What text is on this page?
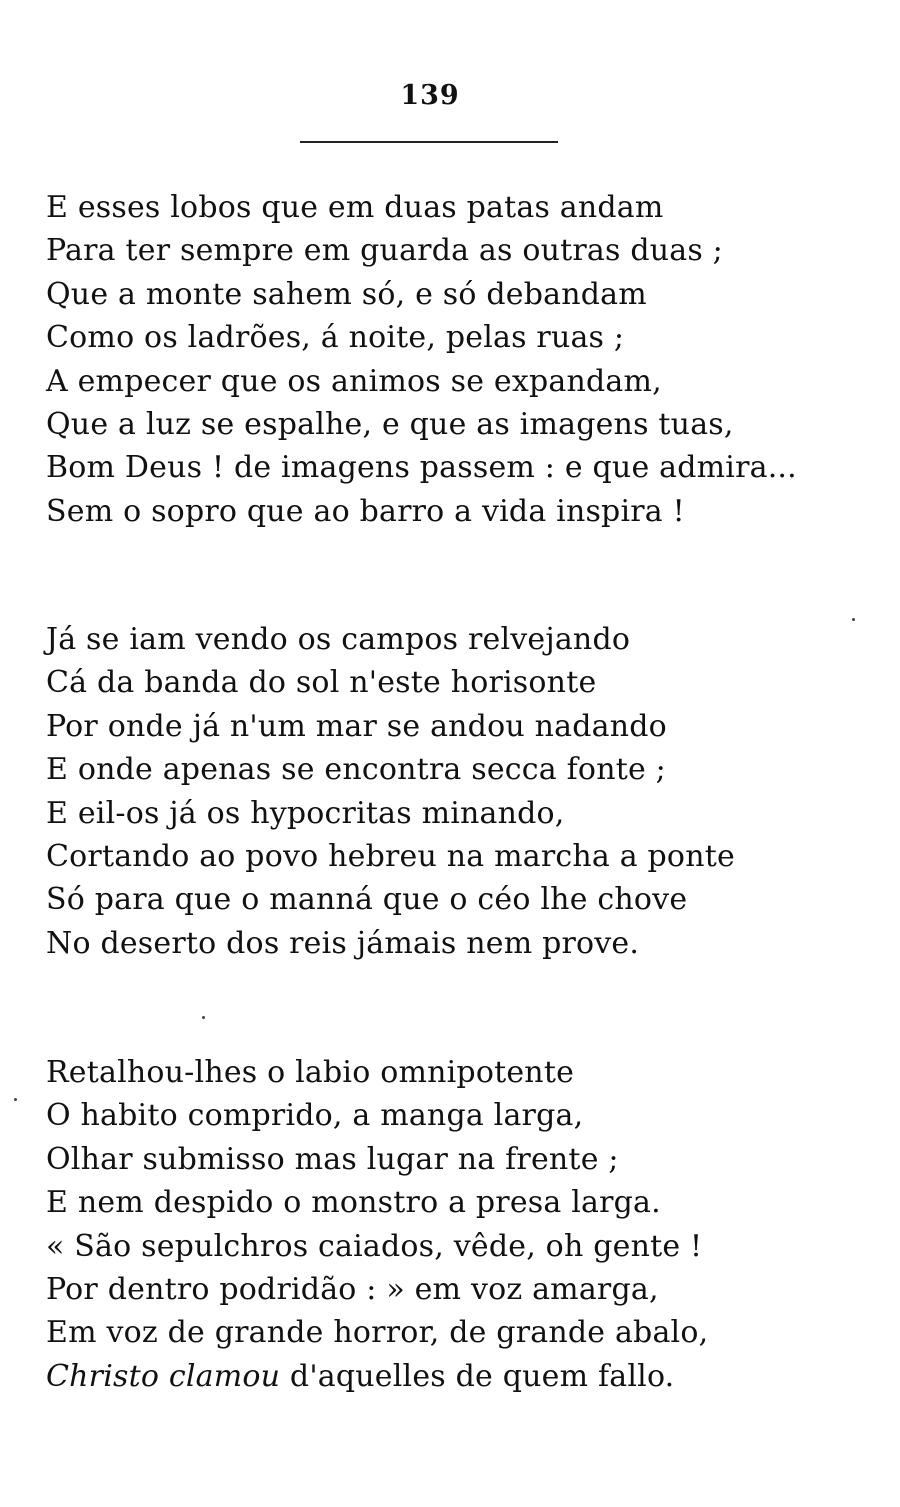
139
E esses lobos que em duas patas andam
Para ter sempre em guarda as outras duas ;
Que a monte sahem só, e só debandam
Como os ladrões, á noite, pelas ruas ;
A empecer que os animos se expandam,
Que a luz se espalhe, e que as imagens tuas,
Bom Deus ! de imagens passem : e que admira...
Sem o sopro que ao barro a vida inspira !
Já se iam vendo os campos relvejando
Cá da banda do sol n'este horisonte
Por onde já n'um mar se andou nadando
E onde apenas se encontra secca fonte ;
E eil-os já os hypocritas minando,
Cortando ao povo hebreu na marcha a ponte
Só para que o manná que o céo lhe chove
No deserto dos reis jámais nem prove.
Retalhou-lhes o labio omnipotente
O habito comprido, a manga larga,
Olhar submisso mas lugar na frente ;
E nem despido o monstro a presa larga.
« São sepulchros caiados, vêde, oh gente !
Por dentro podridão : » em voz amarga,
Em voz de grande horror, de grande abalo,
Christo clamou d'aquelles de quem fallo.
